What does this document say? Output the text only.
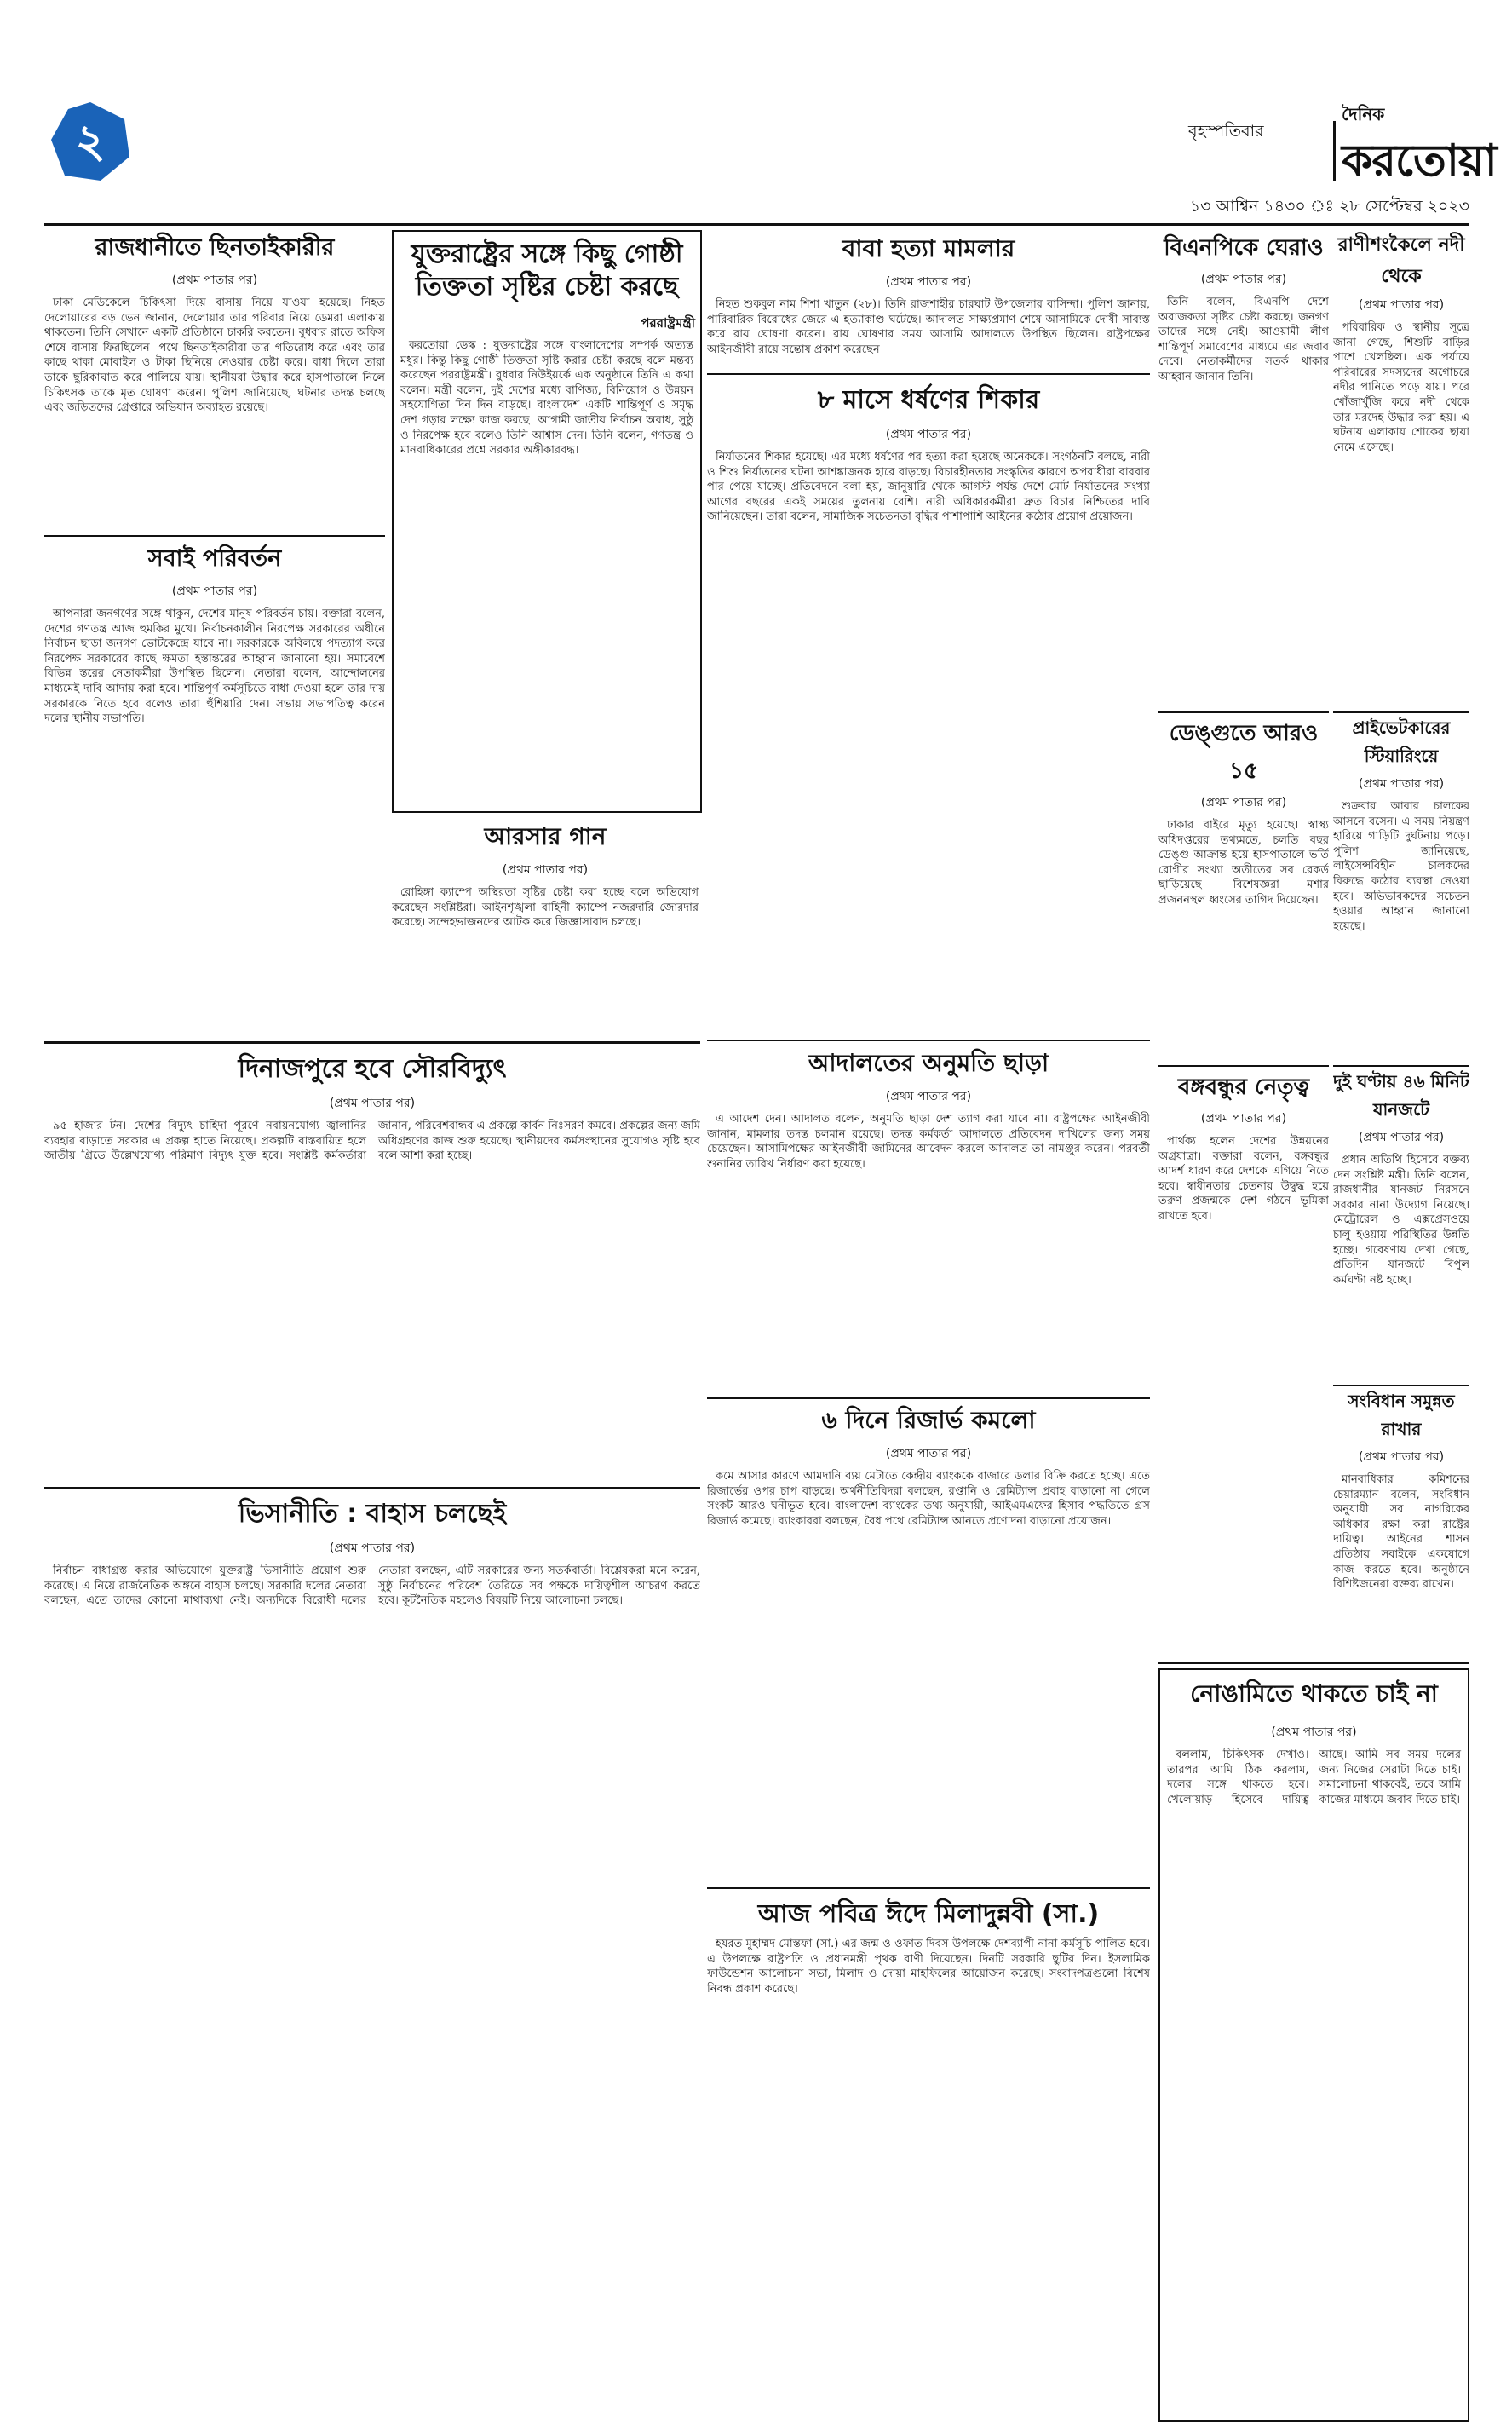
২	বৃহস্পতিবার
দৈনিক
করতোয়া
১৩ আশ্বিন ১৪৩০ ঃ ২৮ সেপ্টেম্বর ২০২৩
রাজধানীতে ছিনতাইকারীর
(প্রথম পাতার পর)

ঢাকা মেডিকেলে চিকিৎসা দিয়ে বাসায় নিয়ে যাওয়া হয়েছে। নিহত দেলোয়ারের বড় ভেন জানান, দেলোয়ার তার পরিবার নিয়ে ডেমরা এলাকায় থাকতেন। তিনি সেখানে একটি প্রতিষ্ঠানে চাকরি করতেন। বুধবার রাতে অফিস শেষে বাসায় ফিরছিলেন। পথে ছিনতাইকারীরা তার গতিরোধ করে এবং তার কাছে থাকা মোবাইল ও টাকা ছিনিয়ে নেওয়ার চেষ্টা করে। বাধা দিলে তারা তাকে ছুরিকাঘাত করে পালিয়ে যায়। স্থানীয়রা উদ্ধার করে হাসপাতালে নিলে চিকিৎসক তাকে মৃত ঘোষণা করেন। পুলিশ জানিয়েছে, ঘটনার তদন্ত চলছে এবং জড়িতদের গ্রেপ্তারে অভিযান অব্যাহত রয়েছে।

সবাই পরিবর্তন
(প্রথম পাতার পর)

আপনারা জনগণের সঙ্গে থাকুন, দেশের মানুষ পরিবর্তন চায়। বক্তারা বলেন, দেশের গণতন্ত্র আজ হুমকির মুখে। নির্বাচনকালীন নিরপেক্ষ সরকারের অধীনে নির্বাচন ছাড়া জনগণ ভোটকেন্দ্রে যাবে না। সরকারকে অবিলম্বে পদত্যাগ করে নিরপেক্ষ সরকারের কাছে ক্ষমতা হস্তান্তরের আহ্বান জানানো হয়। সমাবেশে বিভিন্ন স্তরের নেতাকর্মীরা উপস্থিত ছিলেন। নেতারা বলেন, আন্দোলনের মাধ্যমেই দাবি আদায় করা হবে। শান্তিপূর্ণ কর্মসূচিতে বাধা দেওয়া হলে তার দায় সরকারকে নিতে হবে বলেও তারা হুঁশিয়ারি দেন। সভায় সভাপতিত্ব করেন দলের স্থানীয় সভাপতি।

যুক্তরাষ্ট্রের সঙ্গে কিছু গোষ্ঠী তিক্ততা সৃষ্টির চেষ্টা করছে
পররাষ্ট্রমন্ত্রী

করতোয়া ডেস্ক : যুক্তরাষ্ট্রের সঙ্গে বাংলাদেশের সম্পর্ক অত্যন্ত মধুর। কিন্তু কিছু গোষ্ঠী তিক্ততা সৃষ্টি করার চেষ্টা করছে বলে মন্তব্য করেছেন পররাষ্ট্রমন্ত্রী। বুধবার নিউইয়র্কে এক অনুষ্ঠানে তিনি এ কথা বলেন। মন্ত্রী বলেন, দুই দেশের মধ্যে বাণিজ্য, বিনিয়োগ ও উন্নয়ন সহযোগিতা দিন দিন বাড়ছে। বাংলাদেশ একটি শান্তিপূর্ণ ও সমৃদ্ধ দেশ গড়ার লক্ষ্যে কাজ করছে। আগামী জাতীয় নির্বাচন অবাধ, সুষ্ঠু ও নিরপেক্ষ হবে বলেও তিনি আশ্বাস দেন। তিনি বলেন, গণতন্ত্র ও মানবাধিকারের প্রশ্নে সরকার অঙ্গীকারবদ্ধ।

আরসার গান
(প্রথম পাতার পর)

রোহিঙ্গা ক্যাম্পে অস্থিরতা সৃষ্টির চেষ্টা করা হচ্ছে বলে অভিযোগ করেছেন সংশ্লিষ্টরা। আইনশৃঙ্খলা বাহিনী ক্যাম্পে নজরদারি জোরদার করেছে। সন্দেহভাজনদের আটক করে জিজ্ঞাসাবাদ চলছে।

বাবা হত্যা মামলার
(প্রথম পাতার পর)

নিহত শুকবুল নাম শিশা খাতুন (২৮)। তিনি রাজশাহীর চারঘাট উপজেলার বাসিন্দা। পুলিশ জানায়, পারিবারিক বিরোধের জেরে এ হত্যাকাণ্ড ঘটেছে। আদালত সাক্ষ্যপ্রমাণ শেষে আসামিকে দোষী সাব্যস্ত করে রায় ঘোষণা করেন। রায় ঘোষণার সময় আসামি আদালতে উপস্থিত ছিলেন। রাষ্ট্রপক্ষের আইনজীবী রায়ে সন্তোষ প্রকাশ করেছেন।

৮ মাসে ধর্ষণের শিকার
(প্রথম পাতার পর)

নির্যাতনের শিকার হয়েছে। এর মধ্যে ধর্ষণের পর হত্যা করা হয়েছে অনেককে। সংগঠনটি বলছে, নারী ও শিশু নির্যাতনের ঘটনা আশঙ্কাজনক হারে বাড়ছে। বিচারহীনতার সংস্কৃতির কারণে অপরাধীরা বারবার পার পেয়ে যাচ্ছে। প্রতিবেদনে বলা হয়, জানুয়ারি থেকে আগস্ট পর্যন্ত দেশে মোট নির্যাতনের সংখ্যা আগের বছরের একই সময়ের তুলনায় বেশি। নারী অধিকারকর্মীরা দ্রুত বিচার নিশ্চিতের দাবি জানিয়েছেন। তারা বলেন, সামাজিক সচেতনতা বৃদ্ধির পাশাপাশি আইনের কঠোর প্রয়োগ প্রয়োজন।

আদালতের অনুমতি ছাড়া
(প্রথম পাতার পর)

এ আদেশ দেন। আদালত বলেন, অনুমতি ছাড়া দেশ ত্যাগ করা যাবে না। রাষ্ট্রপক্ষের আইনজীবী জানান, মামলার তদন্ত চলমান রয়েছে। তদন্ত কর্মকর্তা আদালতে প্রতিবেদন দাখিলের জন্য সময় চেয়েছেন। আসামিপক্ষের আইনজীবী জামিনের আবেদন করলে আদালত তা নামঞ্জুর করেন। পরবর্তী শুনানির তারিখ নির্ধারণ করা হয়েছে।

৬ দিনে রিজার্ভ কমলো
(প্রথম পাতার পর)

কমে আসার কারণে আমদানি ব্যয় মেটাতে কেন্দ্রীয় ব্যাংককে বাজারে ডলার বিক্রি করতে হচ্ছে। এতে রিজার্ভের ওপর চাপ বাড়ছে। অর্থনীতিবিদরা বলছেন, রপ্তানি ও রেমিট্যান্স প্রবাহ বাড়ানো না গেলে সংকট আরও ঘনীভূত হবে। বাংলাদেশ ব্যাংকের তথ্য অনুযায়ী, আইএমএফের হিসাব পদ্ধতিতে গ্রস রিজার্ভ কমেছে। ব্যাংকাররা বলছেন, বৈধ পথে রেমিট্যান্স আনতে প্রণোদনা বাড়ানো প্রয়োজন।

আজ পবিত্র ঈদে মিলাদুন্নবী (সা.)

হযরত মুহাম্মদ মোস্তফা (সা.) এর জন্ম ও ওফাত দিবস উপলক্ষে দেশব্যাপী নানা কর্মসূচি পালিত হবে। এ উপলক্ষে রাষ্ট্রপতি ও প্রধানমন্ত্রী পৃথক বাণী দিয়েছেন। দিনটি সরকারি ছুটির দিন। ইসলামিক ফাউন্ডেশন আলোচনা সভা, মিলাদ ও দোয়া মাহফিলের আয়োজন করেছে। সংবাদপত্রগুলো বিশেষ নিবন্ধ প্রকাশ করেছে।

দিনাজপুরে হবে সৌরবিদ্যুৎ
(প্রথম পাতার পর)

৯৫ হাজার টন। দেশের বিদ্যুৎ চাহিদা পূরণে নবায়নযোগ্য জ্বালানির ব্যবহার বাড়াতে সরকার এ প্রকল্প হাতে নিয়েছে। প্রকল্পটি বাস্তবায়িত হলে জাতীয় গ্রিডে উল্লেখযোগ্য পরিমাণ বিদ্যুৎ যুক্ত হবে। সংশ্লিষ্ট কর্মকর্তারা জানান, পরিবেশবান্ধব এ প্রকল্পে কার্বন নিঃসরণ কমবে। প্রকল্পের জন্য জমি অধিগ্রহণের কাজ শুরু হয়েছে। স্থানীয়দের কর্মসংস্থানের সুযোগও সৃষ্টি হবে বলে আশা করা হচ্ছে।

ভিসানীতি : বাহাস চলছেই
(প্রথম পাতার পর)

নির্বাচন বাধাগ্রস্ত করার অভিযোগে যুক্তরাষ্ট্র ভিসানীতি প্রয়োগ শুরু করেছে। এ নিয়ে রাজনৈতিক অঙ্গনে বাহাস চলছে। সরকারি দলের নেতারা বলছেন, এতে তাদের কোনো মাথাব্যথা নেই। অন্যদিকে বিরোধী দলের নেতারা বলছেন, এটি সরকারের জন্য সতর্কবার্তা। বিশ্লেষকরা মনে করেন, সুষ্ঠু নির্বাচনের পরিবেশ তৈরিতে সব পক্ষকে দায়িত্বশীল আচরণ করতে হবে। কূটনৈতিক মহলেও বিষয়টি নিয়ে আলোচনা চলছে।

বিএনপিকে ঘেরাও
(প্রথম পাতার পর)

তিনি বলেন, বিএনপি দেশে অরাজকতা সৃষ্টির চেষ্টা করছে। জনগণ তাদের সঙ্গে নেই। আওয়ামী লীগ শান্তিপূর্ণ সমাবেশের মাধ্যমে এর জবাব দেবে। নেতাকর্মীদের সতর্ক থাকার আহ্বান জানান তিনি।

ডেঙ্গুতে আরও ১৫
(প্রথম পাতার পর)

ঢাকার বাইরে মৃত্যু হয়েছে। স্বাস্থ্য অধিদপ্তরের তথ্যমতে, চলতি বছর ডেঙ্গু আক্রান্ত হয়ে হাসপাতালে ভর্তি রোগীর সংখ্যা অতীতের সব রেকর্ড ছাড়িয়েছে। বিশেষজ্ঞরা মশার প্রজননস্থল ধ্বংসের তাগিদ দিয়েছেন।

বঙ্গবন্ধুর নেতৃত্ব
(প্রথম পাতার পর)

পার্থক্য হলেন দেশের উন্নয়নের অগ্রযাত্রা। বক্তারা বলেন, বঙ্গবন্ধুর আদর্শ ধারণ করে দেশকে এগিয়ে নিতে হবে। স্বাধীনতার চেতনায় উদ্বুদ্ধ হয়ে তরুণ প্রজন্মকে দেশ গঠনে ভূমিকা রাখতে হবে।

রাণীশংকৈলে নদী থেকে
(প্রথম পাতার পর)

পরিবারিক ও স্থানীয় সূত্রে জানা গেছে, শিশুটি বাড়ির পাশে খেলছিল। এক পর্যায়ে পরিবারের সদস্যদের অগোচরে নদীর পানিতে পড়ে যায়। পরে খোঁজাখুঁজি করে নদী থেকে তার মরদেহ উদ্ধার করা হয়। এ ঘটনায় এলাকায় শোকের ছায়া নেমে এসেছে।

প্রাইভেটকারের স্টিয়ারিংয়ে
(প্রথম পাতার পর)

শুক্রবার আবার চালকের আসনে বসেন। এ সময় নিয়ন্ত্রণ হারিয়ে গাড়িটি দুর্ঘটনায় পড়ে। পুলিশ জানিয়েছে, লাইসেন্সবিহীন চালকদের বিরুদ্ধে কঠোর ব্যবস্থা নেওয়া হবে। অভিভাবকদের সচেতন হওয়ার আহ্বান জানানো হয়েছে।

দুই ঘণ্টায় ৪৬ মিনিট যানজটে
(প্রথম পাতার পর)

প্রধান অতিথি হিসেবে বক্তব্য দেন সংশ্লিষ্ট মন্ত্রী। তিনি বলেন, রাজধানীর যানজট নিরসনে সরকার নানা উদ্যোগ নিয়েছে। মেট্রোরেল ও এক্সপ্রেসওয়ে চালু হওয়ায় পরিস্থিতির উন্নতি হচ্ছে। গবেষণায় দেখা গেছে, প্রতিদিন যানজটে বিপুল কর্মঘণ্টা নষ্ট হচ্ছে।

সংবিধান সমুন্নত রাখার
(প্রথম পাতার পর)

মানবাধিকার কমিশনের চেয়ারম্যান বলেন, সংবিধান অনুযায়ী সব নাগরিকের অধিকার রক্ষা করা রাষ্ট্রের দায়িত্ব। আইনের শাসন প্রতিষ্ঠায় সবাইকে একযোগে কাজ করতে হবে। অনুষ্ঠানে বিশিষ্টজনেরা বক্তব্য রাখেন।

নোঙামিতে থাকতে চাই না
(প্রথম পাতার পর)

বললাম, চিকিৎসক দেখাও। তারপর আমি ঠিক করলাম, দলের সঙ্গে থাকতে হবে। খেলোয়াড় হিসেবে দায়িত্ব আছে। আমি সব সময় দলের জন্য নিজের সেরাটা দিতে চাই। সমালোচনা থাকবেই, তবে আমি কাজের মাধ্যমে জবাব দিতে চাই।
